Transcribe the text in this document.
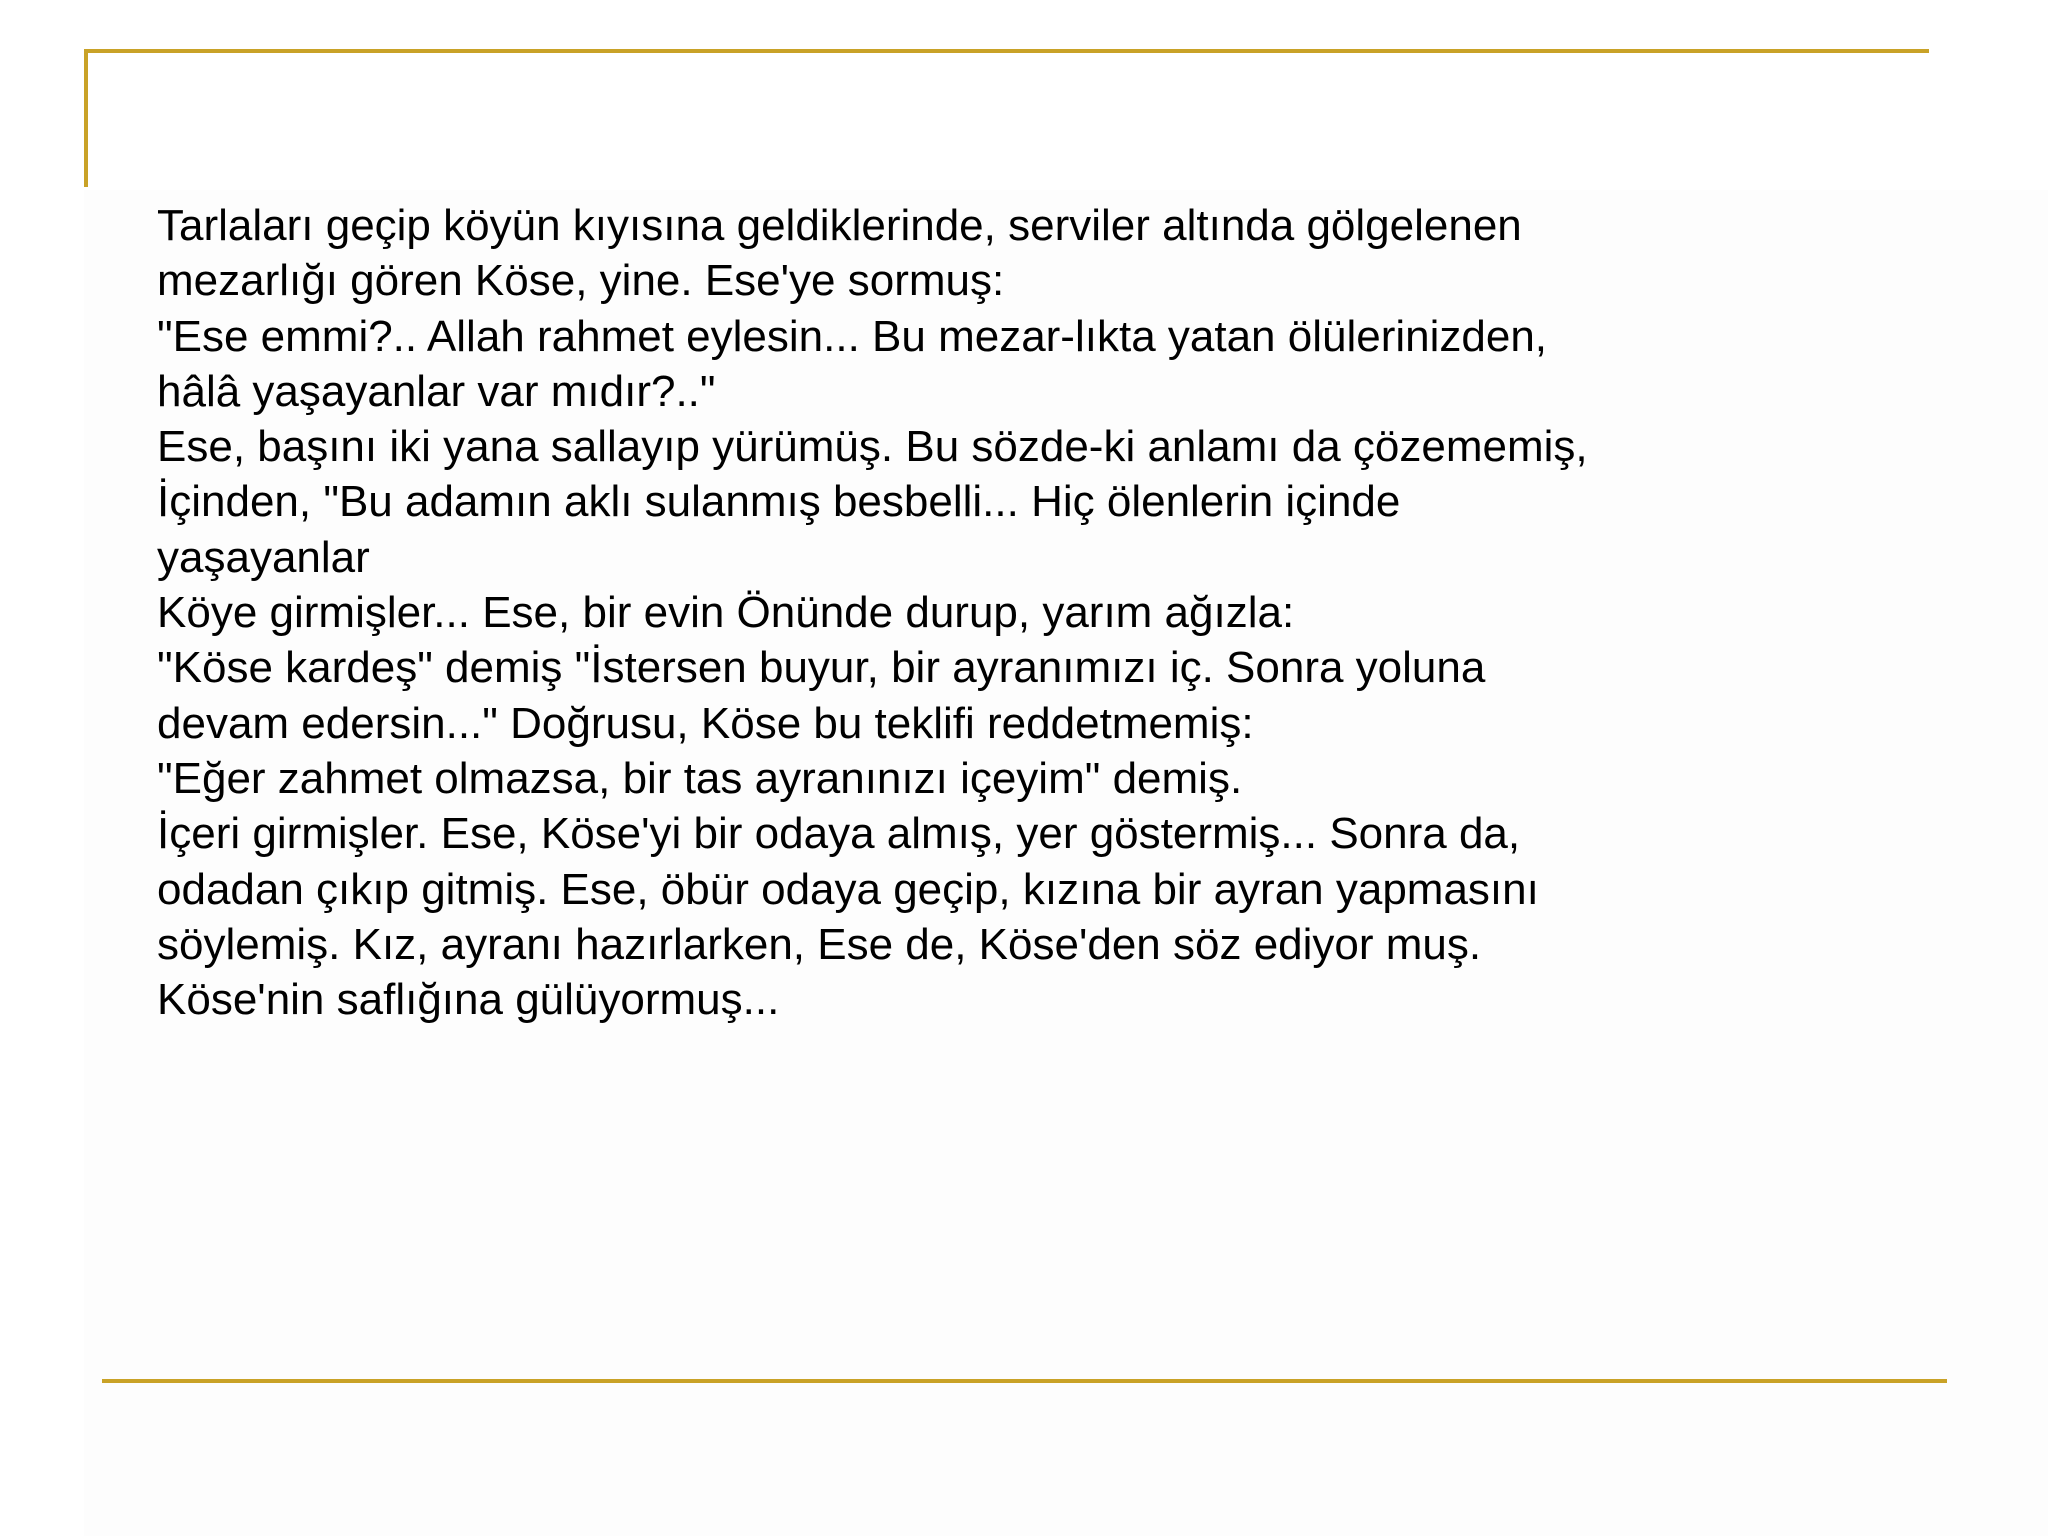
Tarlaları geçip köyün kıyısına geldiklerinde, serviler altında gölgelenen
mezarlığı gören Köse, yine. Ese'ye sormuş:
"Ese emmi?.. Allah rahmet eylesin... Bu mezar-lıkta yatan ölülerinizden,
hâlâ yaşayanlar var mıdır?.."
Ese, başını iki yana sallayıp yürümüş. Bu sözde-ki anlamı da çözememiş,
İçinden, "Bu adamın aklı sulanmış besbelli... Hiç ölenlerin içinde
yaşayanlar
Köye girmişler... Ese, bir evin Önünde durup, yarım ağızla:
"Köse kardeş" demiş "İstersen buyur, bir ayranımızı iç. Sonra yoluna
devam edersin..." Doğrusu, Köse bu teklifi reddetmemiş:
"Eğer zahmet olmazsa, bir tas ayranınızı içeyim" demiş.
İçeri girmişler. Ese, Köse'yi bir odaya almış, yer göstermiş... Sonra da,
odadan çıkıp gitmiş. Ese, öbür odaya geçip, kızına bir ayran yapmasını
söylemiş. Kız, ayranı hazırlarken, Ese de, Köse'den söz ediyor muş.
Köse'nin saflığına gülüyormuş...
